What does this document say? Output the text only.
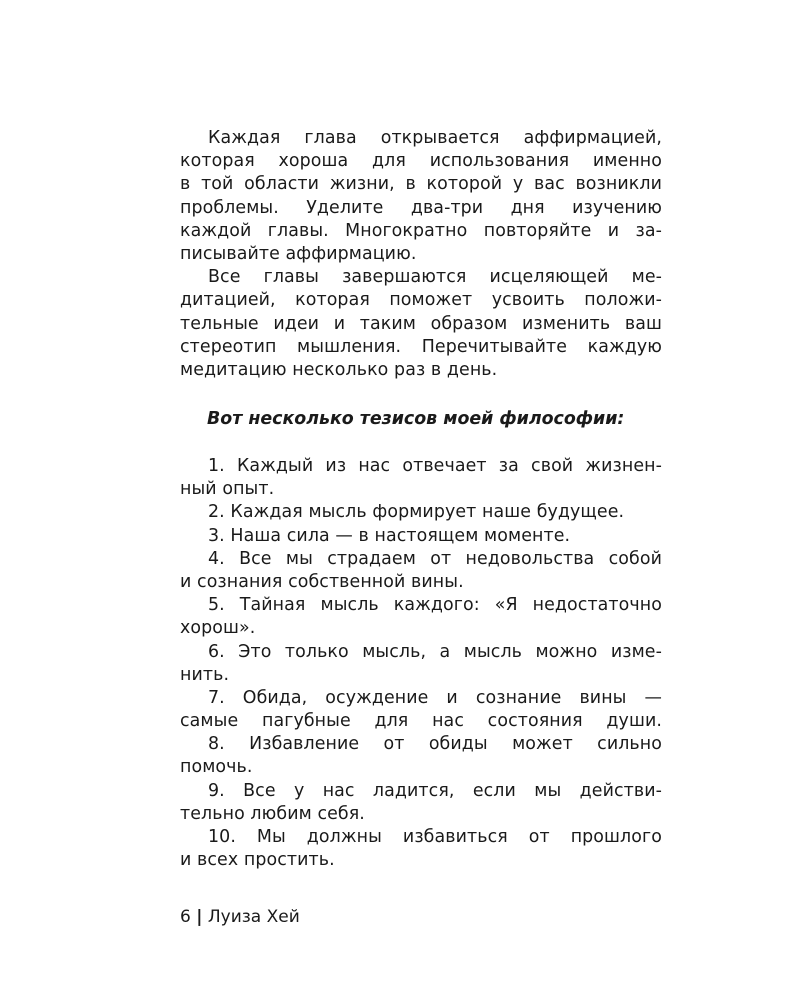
Каждая глава открывается аффирмацией,
которая хороша для использования именно
в той области жизни, в которой у вас возникли
проблемы. Уделите два-три дня изучению
каждой главы. Многократно повторяйте и за-
писывайте аффирмацию.
Все главы завершаются исцеляющей ме-
дитацией, которая поможет усвоить положи-
тельные идеи и таким образом изменить ваш
стереотип мышления. Перечитывайте каждую
медитацию несколько раз в день.
Вот несколько тезисов моей философии:
1. Каждый из нас отвечает за свой жизнен-
ный опыт.
2. Каждая мысль формирует наше будущее.
3. Наша сила — в настоящем моменте.
4. Все мы страдаем от недовольства собой
и сознания собственной вины.
5. Тайная мысль каждого: «Я недостаточно
хорош».
6. Это только мысль, а мысль можно изме-
нить.
7. Обида, осуждение и сознание вины —
самые пагубные для нас состояния души.
8. Избавление от обиды может сильно
помочь.
9. Все у нас ладится, если мы действи-
тельно любим себя.
10. Мы должны избавиться от прошлого
и всех простить.
6 | Луиза Хей
